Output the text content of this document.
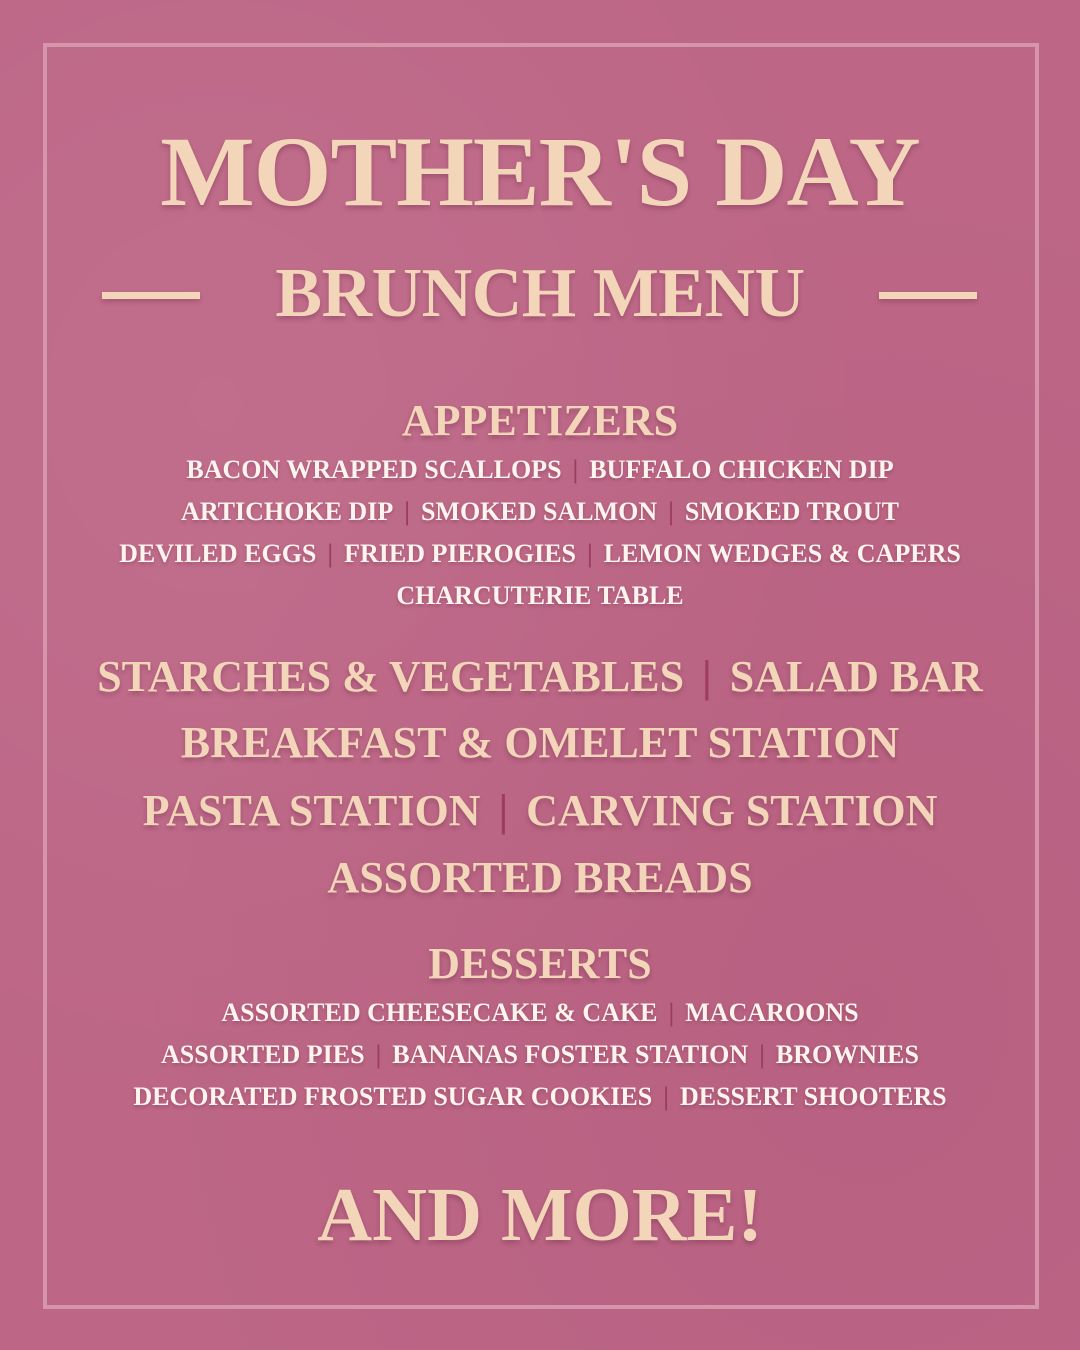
MOTHER'S DAY
BRUNCH MENU
APPETIZERS
BACON WRAPPED SCALLOPS | BUFFALO CHICKEN DIP
ARTICHOKE DIP | SMOKED SALMON | SMOKED TROUT
DEVILED EGGS | FRIED PIEROGIES | LEMON WEDGES & CAPERS
CHARCUTERIE TABLE
STARCHES & VEGETABLES | SALAD BAR
BREAKFAST & OMELET STATION
PASTA STATION | CARVING STATION
ASSORTED BREADS
DESSERTS
ASSORTED CHEESECAKE & CAKE | MACAROONS
ASSORTED PIES | BANANAS FOSTER STATION | BROWNIES
DECORATED FROSTED SUGAR COOKIES | DESSERT SHOOTERS
AND MORE!
